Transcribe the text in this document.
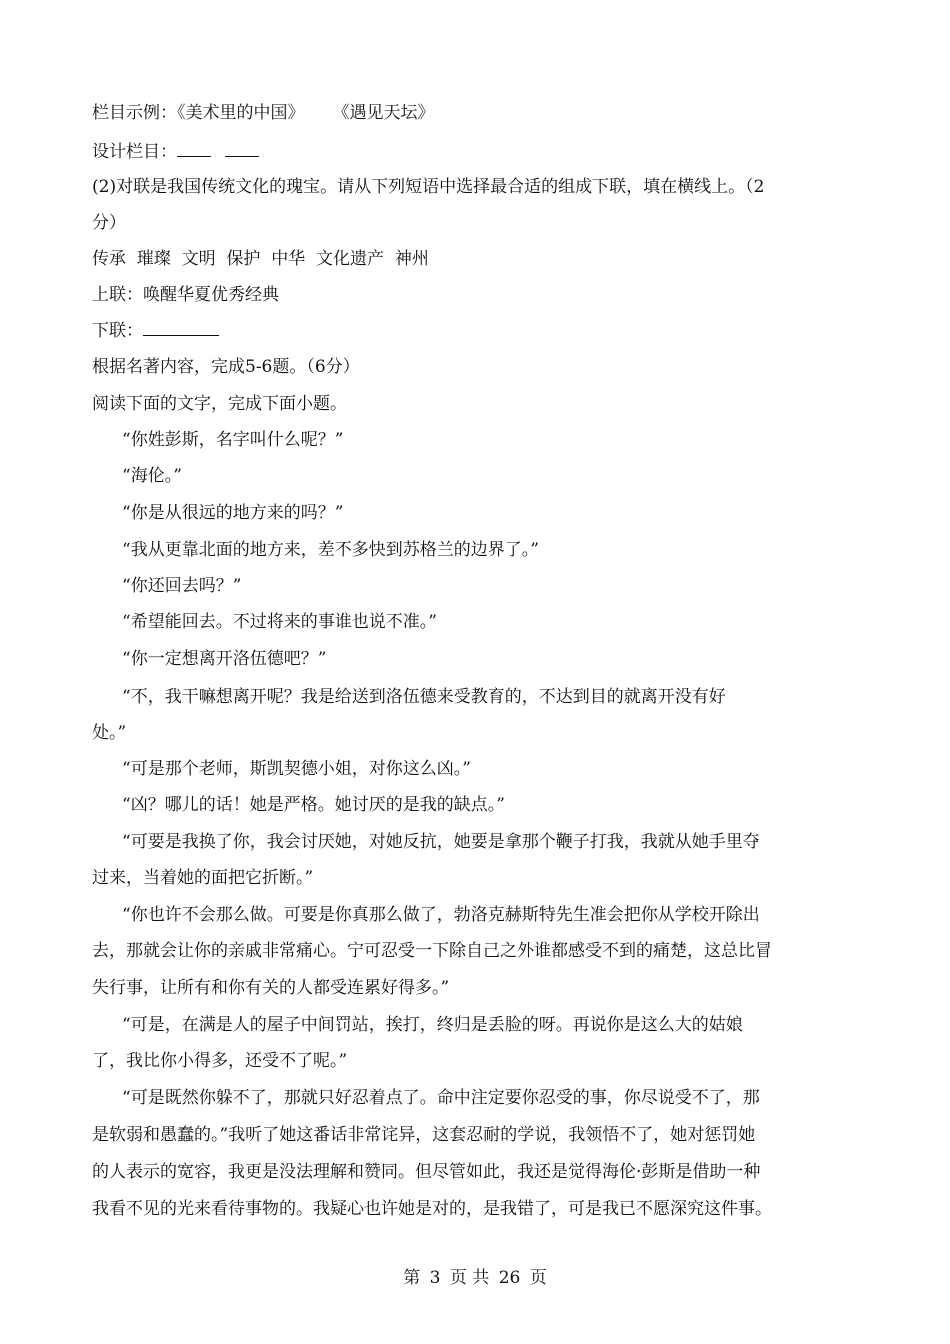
栏目示例：《美术里的中国》 《遇见天坛》
设计栏目：
(2)对联是我国传统文化的瑰宝。请从下列短语中选择最合适的组成下联，填在横线上。（2
分）
传承  璀璨  文明  保护  中华  文化遗产  神州
上联：唤醒华夏优秀经典
下联：
根据名著内容，完成5-6题。（6分）
阅读下面的文字，完成下面小题。
“你姓彭斯，名字叫什么呢？”
“海伦。”
“你是从很远的地方来的吗？”
“我从更靠北面的地方来，差不多快到苏格兰的边界了。”
“你还回去吗？”
“希望能回去。不过将来的事谁也说不准。”
“你一定想离开洛伍德吧？”
“不，我干嘛想离开呢？我是给送到洛伍德来受教育的，不达到目的就离开没有好
处。”
“可是那个老师，斯凯契德小姐，对你这么凶。”
“凶？哪儿的话！她是严格。她讨厌的是我的缺点。”
“可要是我换了你，我会讨厌她，对她反抗，她要是拿那个鞭子打我，我就从她手里夺
过来，当着她的面把它折断。”
“你也许不会那么做。可要是你真那么做了，勃洛克赫斯特先生准会把你从学校开除出
去，那就会让你的亲戚非常痛心。宁可忍受一下除自己之外谁都感受不到的痛楚，这总比冒
失行事，让所有和你有关的人都受连累好得多。”
“可是，在满是人的屋子中间罚站，挨打，终归是丢脸的呀。再说你是这么大的姑娘
了，我比你小得多，还受不了呢。”
“可是既然你躲不了，那就只好忍着点了。命中注定要你忍受的事，你尽说受不了，那
是软弱和愚蠢的。”我听了她这番话非常诧异，这套忍耐的学说，我领悟不了，她对惩罚她
的人表示的宽容，我更是没法理解和赞同。但尽管如此，我还是觉得海伦·彭斯是借助一种
我看不见的光来看待事物的。我疑心也许她是对的，是我错了，可是我已不愿深究这件事。
第 3 页 共 26 页
